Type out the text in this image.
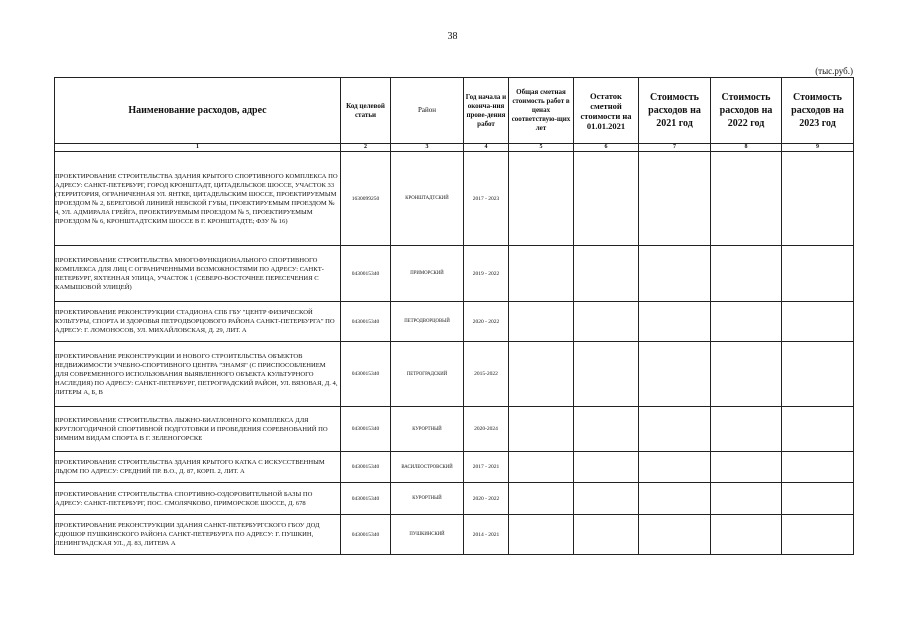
38
(тыс.руб.)
Наименование расходов, адрес	Код целевой статьи	Район	Год начала и оконча-ния прове-дения работ	Общая сметная стоимость работ в ценах соответствую-щих лет	Остаток сметной стоимости на 01.01.2021	Стоимость расходов на 2021 год	Стоимость расходов на 2022 год	Стоимость расходов на 2023 год
1	2	3	4	5	6	7	8	9
ПРОЕКТИРОВАНИЕ СТРОИТЕЛЬСТВА ЗДАНИЯ КРЫТОГО СПОРТИВНОГО КОМПЛЕКСА ПО АДРЕСУ: САНКТ-ПЕТЕРБУРГ, ГОРОД КРОНШТАДТ, ЦИТАДЕЛЬСКОЕ ШОССЕ, УЧАСТОК 33 (ТЕРРИТОРИЯ, ОГРАНИЧЕННАЯ УЛ. ЯНТКЕ, ЦИТАДЕЛЬСКИМ ШОССЕ, ПРОЕКТИРУЕМЫМ ПРОЕЗДОМ № 2, БЕРЕГОВОЙ ЛИНИЕЙ НЕВСКОЙ ГУБЫ, ПРОЕКТИРУЕМЫМ ПРОЕЗДОМ № 4, УЛ. АДМИРАЛА ГРЕЙГА, ПРОЕКТИРУЕМЫМ ПРОЕЗДОМ № 5, ПРОЕКТИРУЕМЫМ ПРОЕЗДОМ № 6, КРОНШТАДТСКИМ ШОССЕ В Г. КРОНШТАДТЕ; ФЗУ № 16)	1630099250	КРОНШТАДТСКИЙ	2017 - 2023					
ПРОЕКТИРОВАНИЕ СТРОИТЕЛЬСТВА МНОГОФУНКЦИОНАЛЬНОГО СПОРТИВНОГО КОМПЛЕКСА ДЛЯ ЛИЦ С ОГРАНИЧЕННЫМИ ВОЗМОЖНОСТЯМИ ПО АДРЕСУ: САНКТ-ПЕТЕРБУРГ, ЯХТЕННАЯ УЛИЦА, УЧАСТОК 1 (СЕВЕРО-ВОСТОЧНЕЕ ПЕРЕСЕЧЕНИЯ С КАМЫШОВОЙ УЛИЦЕЙ)	0430015340	ПРИМОРСКИЙ	2019 - 2022					
ПРОЕКТИРОВАНИЕ РЕКОНСТРУКЦИИ СТАДИОНА СПБ ГБУ "ЦЕНТР ФИЗИЧЕСКОЙ КУЛЬТУРЫ, СПОРТА И ЗДОРОВЬЯ ПЕТРОДВОРЦОВОГО РАЙОНА САНКТ-ПЕТЕРБУРГА" ПО АДРЕСУ: Г. ЛОМОНОСОВ, УЛ. МИХАЙЛОВСКАЯ, Д. 29, ЛИТ. А	0430015340	ПЕТРОДВОРЦОВЫЙ	2020 - 2022					
ПРОЕКТИРОВАНИЕ РЕКОНСТРУКЦИИ И НОВОГО СТРОИТЕЛЬСТВА ОБЪЕКТОВ НЕДВИЖИМОСТИ УЧЕБНО-СПОРТИВНОГО ЦЕНТРА "ЗНАМЯ" (С ПРИСПОСОБЛЕНИЕМ ДЛЯ СОВРЕМЕННОГО ИСПОЛЬЗОВАНИЯ ВЫЯВЛЕННОГО ОБЪЕКТА КУЛЬТУРНОГО НАСЛЕДИЯ) ПО АДРЕСУ: САНКТ-ПЕТЕРБУРГ, ПЕТРОГРАДСКИЙ РАЙОН, УЛ. ВЯЗОВАЯ, Д. 4, ЛИТЕРЫ А, Б, В	0430015340	ПЕТРОГРАДСКИЙ	2015-2022					
ПРОЕКТИРОВАНИЕ СТРОИТЕЛЬСТВА ЛЫЖНО-БИАТЛОННОГО КОМПЛЕКСА ДЛЯ КРУГЛОГОДИЧНОЙ СПОРТИВНОЙ ПОДГОТОВКИ И ПРОВЕДЕНИЯ СОРЕВНОВАНИЙ ПО ЗИМНИМ ВИДАМ СПОРТА В Г. ЗЕЛЕНОГОРСКЕ	0430015340	КУРОРТНЫЙ	2020-2024					
ПРОЕКТИРОВАНИЕ СТРОИТЕЛЬСТВА ЗДАНИЯ КРЫТОГО КАТКА С ИСКУССТВЕННЫМ ЛЬДОМ ПО АДРЕСУ: СРЕДНИЙ ПР. В.О., Д. 87, КОРП. 2, ЛИТ. А	0430015340	ВАСИЛЕОСТРОВСКИЙ	2017 - 2021					
ПРОЕКТИРОВАНИЕ СТРОИТЕЛЬСТВА СПОРТИВНО-ОЗДОРОВИТЕЛЬНОЙ БАЗЫ ПО АДРЕСУ: САНКТ-ПЕТЕРБУРГ, ПОС. СМОЛЯЧКОВО, ПРИМОРСКОЕ ШОССЕ, Д. 678	0430015340	КУРОРТНЫЙ	2020 - 2022					
ПРОЕКТИРОВАНИЕ РЕКОНСТРУКЦИИ ЗДАНИЯ САНКТ-ПЕТЕРБУРГСКОГО ГБОУ ДОД СДЮШОР ПУШКИНСКОГО РАЙОНА САНКТ-ПЕТЕРБУРГА ПО АДРЕСУ: Г. ПУШКИН, ЛЕНИНГРАДСКАЯ УЛ., Д. 83, ЛИТЕРА А	0430015340	ПУШКИНСКИЙ	2014 - 2021					
